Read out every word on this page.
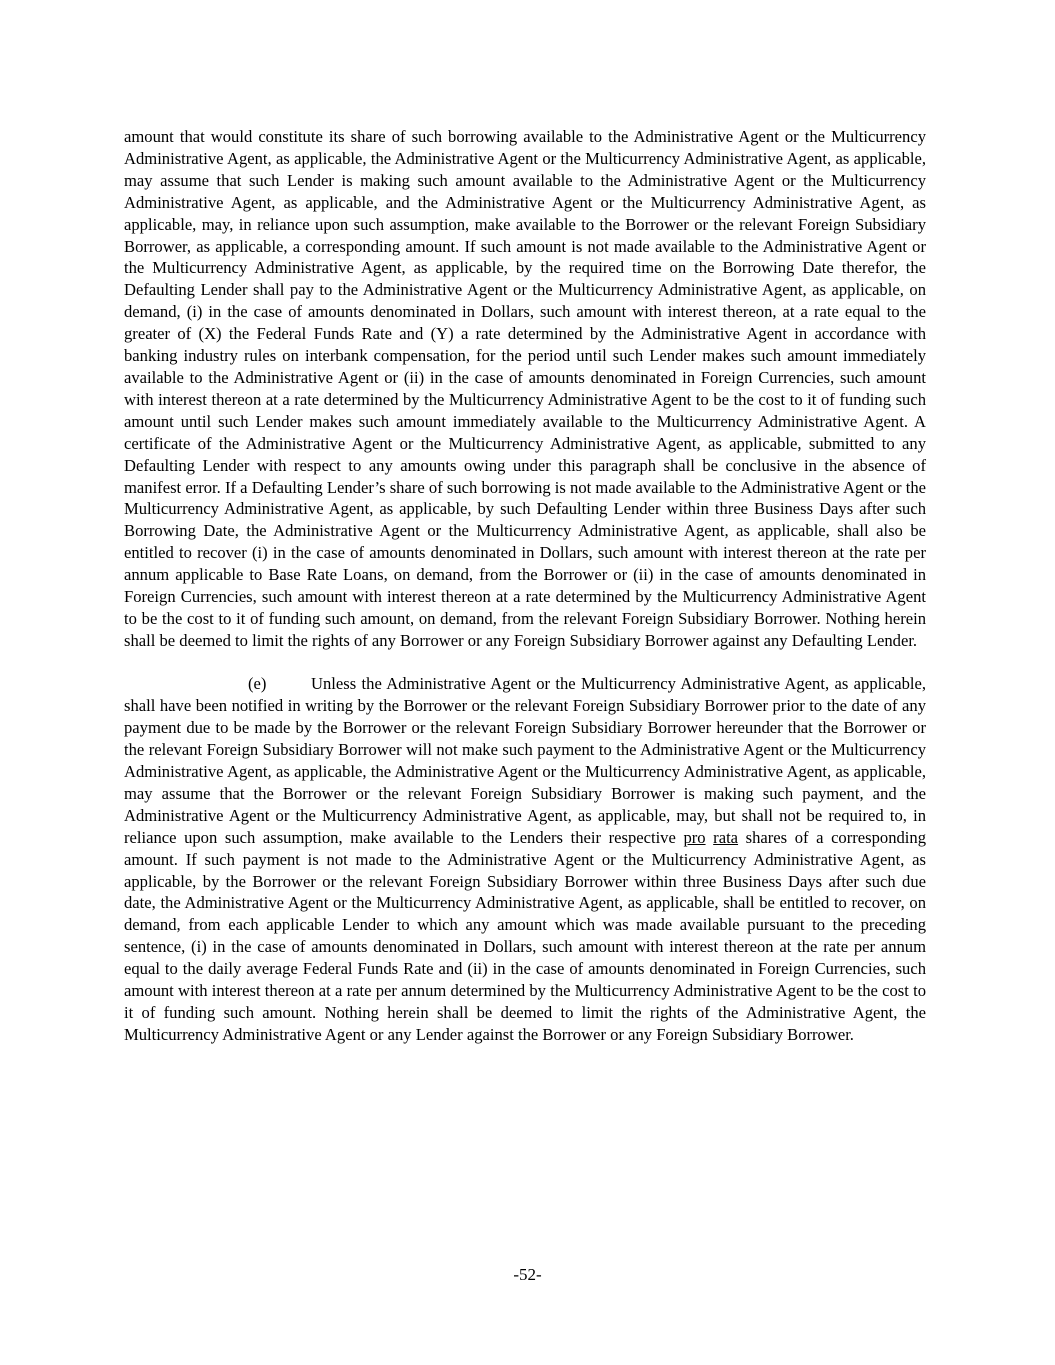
amount that would constitute its share of such borrowing available to the Administrative Agent or the Multicurrency Administrative Agent, as applicable, the Administrative Agent or the Multicurrency Administrative Agent, as applicable, may assume that such Lender is making such amount available to the Administrative Agent or the Multicurrency Administrative Agent, as applicable, and the Administrative Agent or the Multicurrency Administrative Agent, as applicable, may, in reliance upon such assumption, make available to the Borrower or the relevant Foreign Subsidiary Borrower, as applicable, a corresponding amount. If such amount is not made available to the Administrative Agent or the Multicurrency Administrative Agent, as applicable, by the required time on the Borrowing Date therefor, the Defaulting Lender shall pay to the Administrative Agent or the Multicurrency Administrative Agent, as applicable, on demand, (i) in the case of amounts denominated in Dollars, such amount with interest thereon, at a rate equal to the greater of (X) the Federal Funds Rate and (Y) a rate determined by the Administrative Agent in accordance with banking industry rules on interbank compensation, for the period until such Lender makes such amount immediately available to the Administrative Agent or (ii) in the case of amounts denominated in Foreign Currencies, such amount with interest thereon at a rate determined by the Multicurrency Administrative Agent to be the cost to it of funding such amount until such Lender makes such amount immediately available to the Multicurrency Administrative Agent. A certificate of the Administrative Agent or the Multicurrency Administrative Agent, as applicable, submitted to any Defaulting Lender with respect to any amounts owing under this paragraph shall be conclusive in the absence of manifest error. If a Defaulting Lender’s share of such borrowing is not made available to the Administrative Agent or the Multicurrency Administrative Agent, as applicable, by such Defaulting Lender within three Business Days after such Borrowing Date, the Administrative Agent or the Multicurrency Administrative Agent, as applicable, shall also be entitled to recover (i) in the case of amounts denominated in Dollars, such amount with interest thereon at the rate per annum applicable to Base Rate Loans, on demand, from the Borrower or (ii) in the case of amounts denominated in Foreign Currencies, such amount with interest thereon at a rate determined by the Multicurrency Administrative Agent to be the cost to it of funding such amount, on demand, from the relevant Foreign Subsidiary Borrower. Nothing herein shall be deemed to limit the rights of any Borrower or any Foreign Subsidiary Borrower against any Defaulting Lender.

(e)	Unless the Administrative Agent or the Multicurrency Administrative Agent, as applicable, shall have been notified in writing by the Borrower or the relevant Foreign Subsidiary Borrower prior to the date of any payment due to be made by the Borrower or the relevant Foreign Subsidiary Borrower hereunder that the Borrower or the relevant Foreign Subsidiary Borrower will not make such payment to the Administrative Agent or the Multicurrency Administrative Agent, as applicable, the Administrative Agent or the Multicurrency Administrative Agent, as applicable, may assume that the Borrower or the relevant Foreign Subsidiary Borrower is making such payment, and the Administrative Agent or the Multicurrency Administrative Agent, as applicable, may, but shall not be required to, in reliance upon such assumption, make available to the Lenders their respective pro rata shares of a corresponding amount. If such payment is not made to the Administrative Agent or the Multicurrency Administrative Agent, as applicable, by the Borrower or the relevant Foreign Subsidiary Borrower within three Business Days after such due date, the Administrative Agent or the Multicurrency Administrative Agent, as applicable, shall be entitled to recover, on demand, from each applicable Lender to which any amount which was made available pursuant to the preceding sentence, (i) in the case of amounts denominated in Dollars, such amount with interest thereon at the rate per annum equal to the daily average Federal Funds Rate and (ii) in the case of amounts denominated in Foreign Currencies, such amount with interest thereon at a rate per annum determined by the Multicurrency Administrative Agent to be the cost to it of funding such amount. Nothing herein shall be deemed to limit the rights of the Administrative Agent, the Multicurrency Administrative Agent or any Lender against the Borrower or any Foreign Subsidiary Borrower.

-52-
